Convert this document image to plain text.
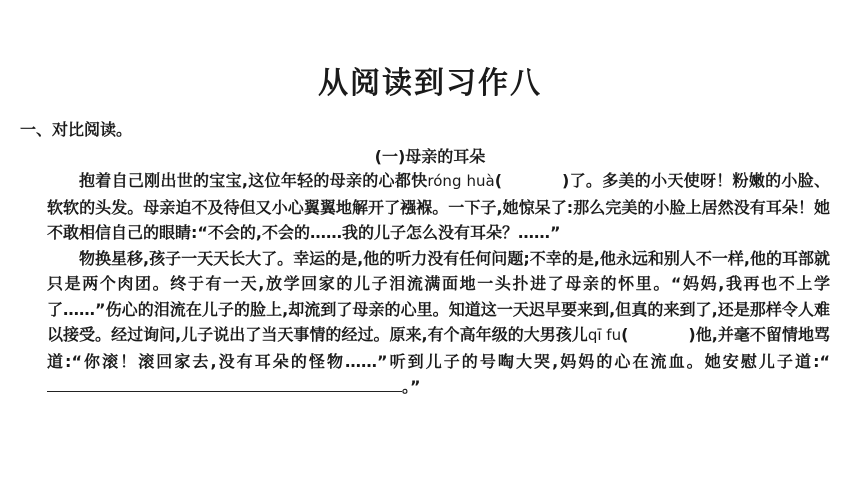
从阅读到习作八
一、对比阅读。
(一)母亲的耳朵

抱着自己刚出世的宝宝,这位年轻的母亲的心都快róng huà(	)了。多美的小天使呀！粉嫩的小脸、软软的头发。母亲迫不及待但又小心翼翼地解开了襁褓。一下子,她惊呆了:那么完美的小脸上居然没有耳朵！她不敢相信自己的眼睛:“不会的,不会的……我的儿子怎么没有耳朵？……”

物换星移,孩子一天天长大了。幸运的是,他的听力没有任何问题;不幸的是,他永远和别人不一样,他的耳部就只是两个肉团。终于有一天,放学回家的儿子泪流满面地一头扑进了母亲的怀里。“妈妈,我再也不上学了……”伤心的泪流在儿子的脸上,却流到了母亲的心里。知道这一天迟早要来到,但真的来到了,还是那样令人难以接受。经过询问,儿子说出了当天事情的经过。原来,有个高年级的大男孩儿qī fu(	)他,并毫不留情地骂道:“你滚！滚回家去,没有耳朵的怪物……”听到儿子的号啕大哭,妈妈的心在流血。她安慰儿子道:“。”
